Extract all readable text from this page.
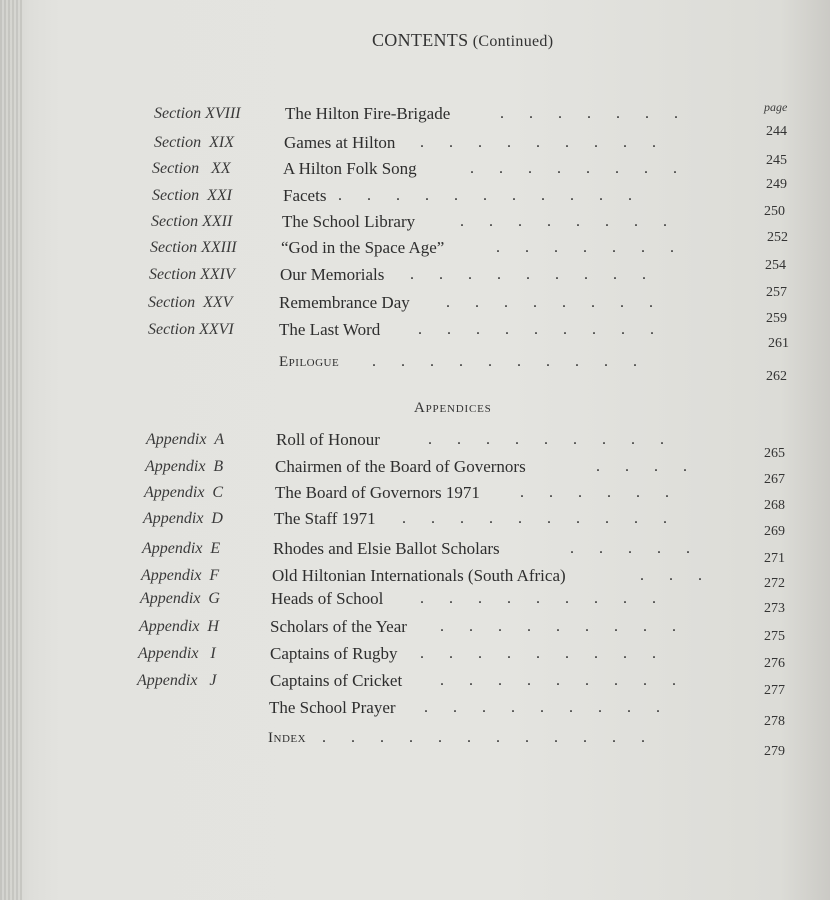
CONTENTS (Continued)
page
Section XVIII	The Hilton Fire-Brigade	.......
244
Section XIX	Games at Hilton .........
245
Section XX	A Hilton Folk Song	........
249
Section XXI	Facets ...........
250
Section XXII	The School Library	........
252
Section XXIII	“God in the Space Age”	.......
254
Section XXIV	Our Memorials .........
257
Section XXV	Remembrance Day ........
259
Section XXVI	The Last Word .........
261
Epilogue ..........
262
Appendices
Appendix A	Roll of Honour	.........
265
Appendix B	Chairmen of the Board of Governors	....
267
Appendix C	The Board of Governors 1971	......
268
Appendix D	The Staff 1971 ..........
269
Appendix E	Rhodes and Elsie Ballot Scholars	.....
271
Appendix F	Old Hiltonian Internationals (South Africa)	...	272
Appendix G	Heads of School .........
273
Appendix H	Scholars of the Year .........
275
Appendix I	Captains of Rugby .........
276
Appendix J	Captains of Cricket .........
277
The School Prayer .........
278
Index ............
279
